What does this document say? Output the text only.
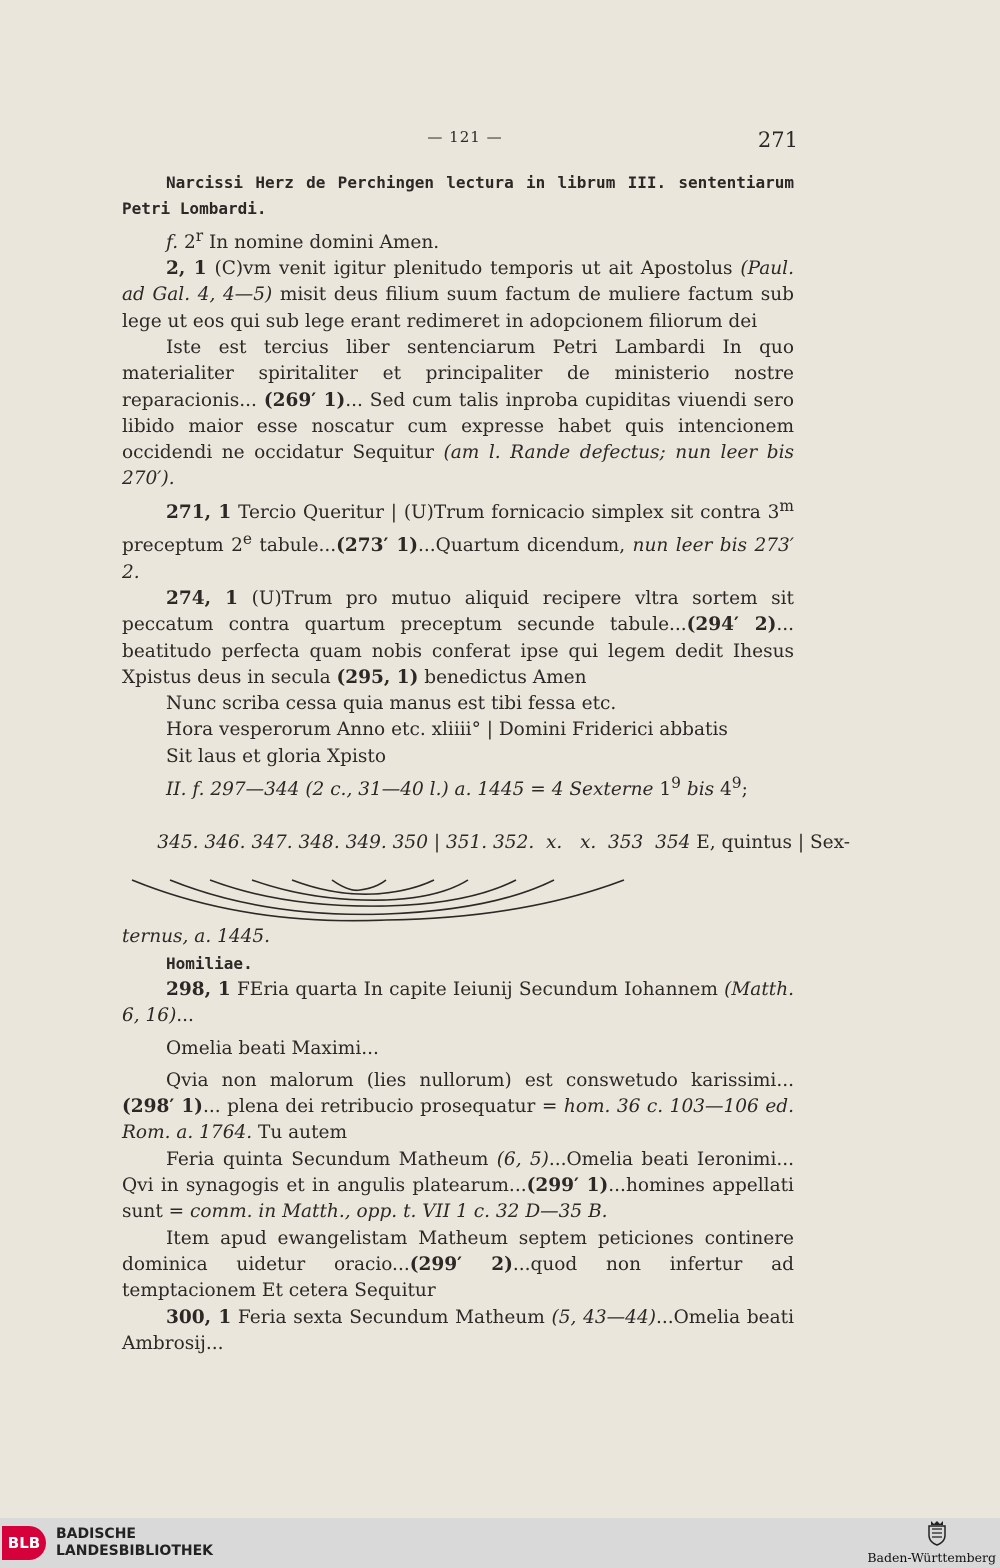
— 121 —	271

Narcissi Herz de Perchingen lectura in librum III. sententiarum Petri Lombardi.

f. 2$^r$ In nomine domini Amen.

2, 1 (C)vm venit igitur plenitudo temporis ut ait Apostolus (Paul. ad Gal. 4, 4—5) misit deus filium suum factum de muliere factum sub lege ut eos qui sub lege erant redimeret in adopcionem filiorum dei

Iste est tercius liber sentenciarum Petri Lambardi In quo materialiter spiritaliter et principaliter de ministerio nostre reparacionis... (269′ 1)... Sed cum talis inproba cupiditas viuendi sero libido maior esse noscatur cum expresse habet quis intencionem occidendi ne occidatur Sequitur (am l. Rande defectus; nun leer bis 270′).

271, 1 Tercio Queritur | (U)Trum fornicacio simplex sit contra 3$^m$ preceptum 2e tabule...(273′ 1)...Quartum dicendum, nun leer bis 273′ 2.

274, 1 (U)Trum pro mutuo aliquid recipere vltra sortem sit peccatum contra quartum preceptum secunde tabule...(294′ 2)... beatitudo perfecta quam nobis conferat ipse qui legem dedit Ihesus Xpistus deus in secula (295, 1) benedictus Amen

Nunc scriba cessa quia manus est tibi fessa etc.

Hora vesperorum Anno etc. xliiii° | Domini Friderici abbatis

Sit laus et gloria Xpisto

II. f. 297—344 (2 c., 31—40 l.) a. 1445 = 4 Sexterne $1^9$ bis $4^9$;

345. 346. 347. 348. 349. 350 | 351. 352.  x.   x.  353  354 E, quintus | Sex-

ternus, a. 1445.

Homiliae.

298, 1 FEria quarta In capite Ieiunij Secundum Iohannem (Matth. 6, 16)...

Omelia beati Maximi...

Qvia non malorum (lies nullorum) est conswetudo karissimi... (298′ 1)... plena dei retribucio prosequatur = hom. 36 c. 103—106 ed. Rom. a. 1764. Tu autem

Feria quinta Secundum Matheum (6, 5)...Omelia beati Ieronimi... Qvi in synagogis et in angulis platearum...(299′ 1)...homines appellati sunt = comm. in Matth., opp. t. VII 1 c. 32 D—35 B.

Item apud ewangelistam Matheum septem peticiones continere dominica uidetur oracio...(299′ 2)...quod non infertur ad temptacionem Et cetera Sequitur

300, 1 Feria sexta Secundum Matheum (5, 43—44)...Omelia beati Ambrosij...

BLB	BADISCHE
LANDESBIBLIOTHEK	Baden-Württemberg
